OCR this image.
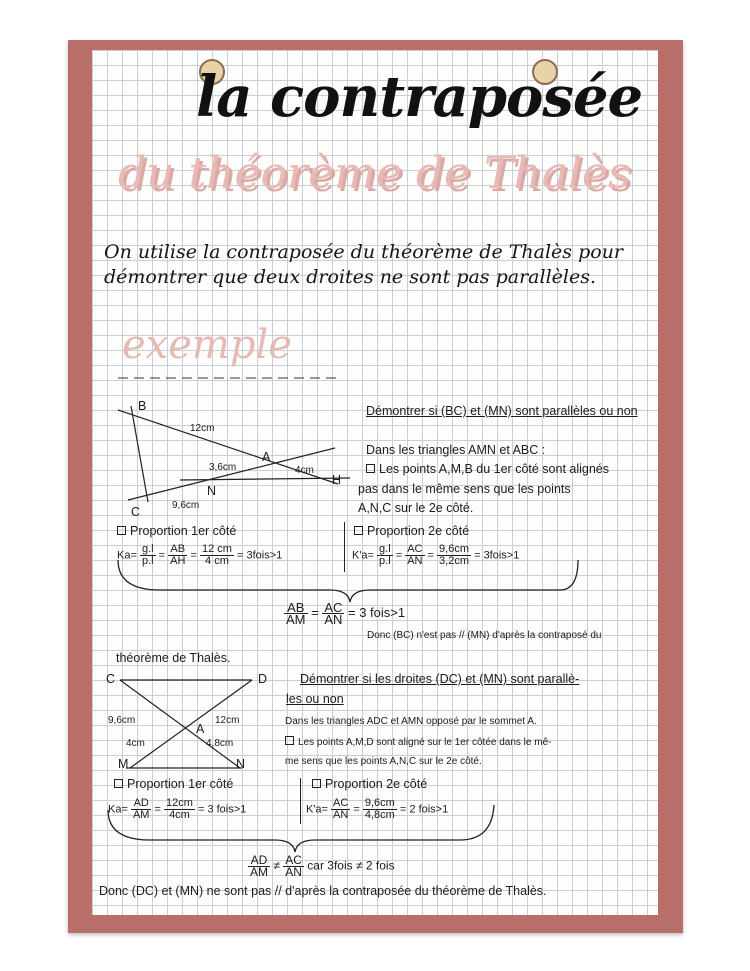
la contraposée
du théorème de Thalès
On utilise la contraposée du théorème de Thalès pour démontrer que deux droites ne sont pas parallèles.
exemple
B
12cm
A
3,6cm	4cm
H
N
9,6cm
C
Démontrer si (BC) et (MN) sont parallèles ou non
Dans les triangles AMN et ABC :
Les points A,M,B du 1er côté sont alignés
pas dans le même sens que les points
A,N,C sur le 2e côté.
Proportion 1er côté
$Ka= \frac{g.l}{p.l} = \frac{AB}{AH} = \frac{12 cm}{4 cm}$ = 3fois>1
Proportion 2e côté
$K'a= \frac{g.l}{p.l} = \frac{AC}{AN} = \frac{9,6cm}{3,2cm}$ = 3fois>1
$\frac{AB}{AM} = \frac{AC}{AN} = 3$ fois>1
Donc (BC) n'est pas // (MN) d'après la contraposé du
théorème de Thalès.
C	D
9,6cm	12cm
A
4cm	4,8cm
M	N
Démontrer si les droites (DC) et (MN) sont parallè-
les ou non
Dans les triangles ADC et AMN opposé par le sommet A.
Les points A,M,D sont aligné sur le 1er côtée dans le mê-
me sens que les points A,N,C sur le 2e côté.
Proportion 1er côté
$Ka= \frac{AD}{AM} = \frac{12cm}{4cm} = 3$ fois>1
Proportion 2e côté
$K'a= \frac{AC}{AN} = \frac{9,6cm}{4,8cm} = 2$ fois>1
$\frac{AD}{AM} \ne \frac{AC}{AN}$ car 3fois ≠ 2 fois
Donc (DC) et (MN) ne sont pas // d'après la contraposée du théorème de Thalès.
